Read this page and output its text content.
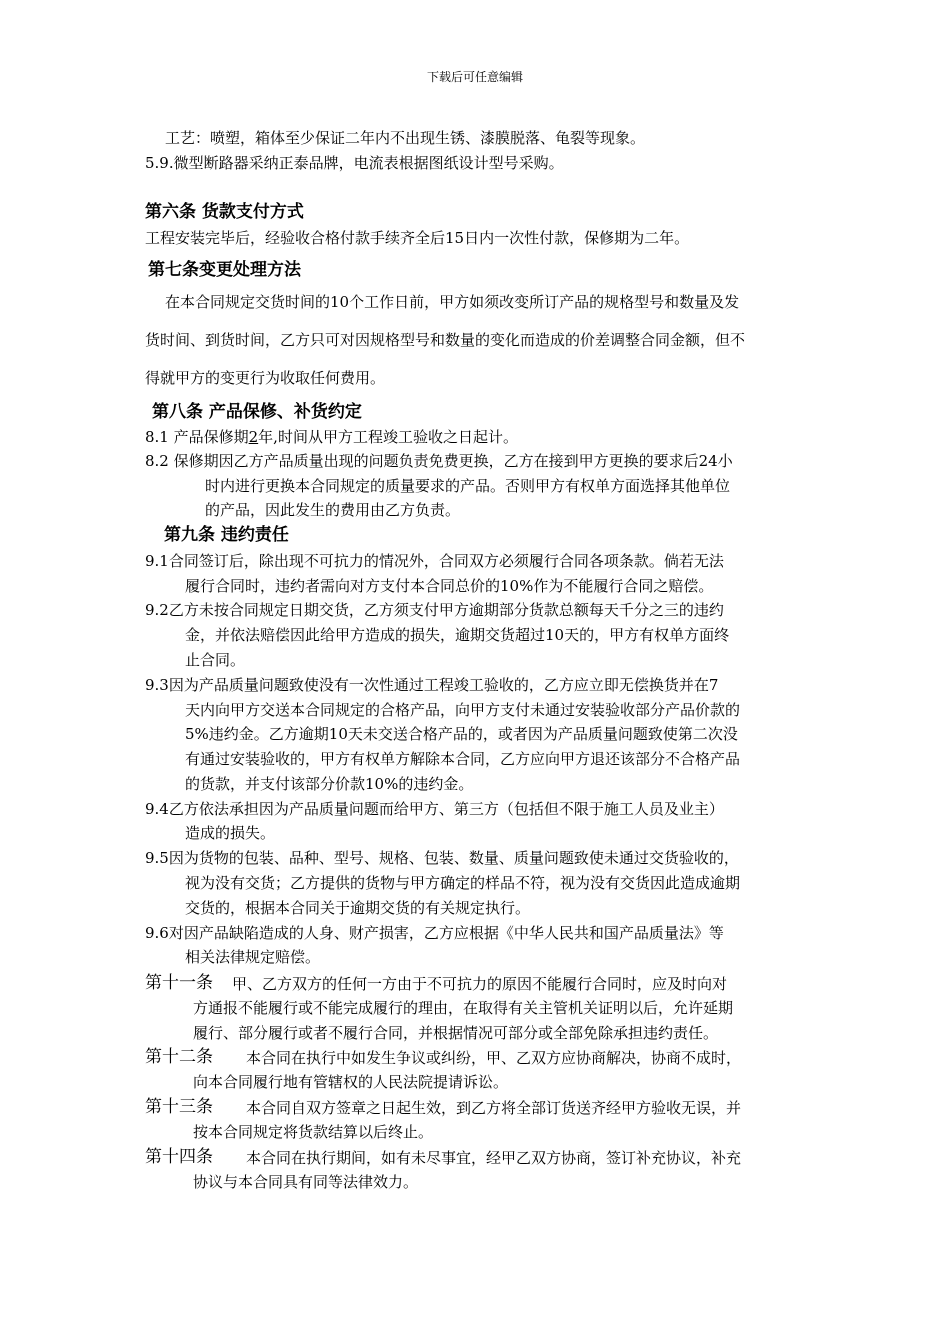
下载后可任意编辑
工艺：喷塑，箱体至少保证二年内不出现生锈、漆膜脱落、龟裂等现象。
5.9.微型断路器采纳正泰品牌，电流表根据图纸设计型号采购。
第六条 货款支付方式
工程安装完毕后，经验收合格付款手续齐全后15日内一次性付款，保修期为二年。
第七条变更处理方法
在本合同规定交货时间的10个工作日前，甲方如须改变所订产品的规格型号和数量及发
货时间、到货时间，乙方只可对因规格型号和数量的变化而造成的价差调整合同金额，但不
得就甲方的变更行为收取任何费用。
第八条 产品保修、补货约定
8.1 产品保修期2年,时间从甲方工程竣工验收之日起计。
8.2 保修期因乙方产品质量出现的问题负责免费更换，乙方在接到甲方更换的要求后24小
时内进行更换本合同规定的质量要求的产品。否则甲方有权单方面选择其他单位
的产品，因此发生的费用由乙方负责。
第九条 违约责任
9.1合同签订后，除出现不可抗力的情况外，合同双方必须履行合同各项条款。倘若无法
履行合同时，违约者需向对方支付本合同总价的10%作为不能履行合同之赔偿。
9.2乙方未按合同规定日期交货，乙方须支付甲方逾期部分货款总额每天千分之三的违约
金，并依法赔偿因此给甲方造成的损失，逾期交货超过10天的，甲方有权单方面终
止合同。
9.3因为产品质量问题致使没有一次性通过工程竣工验收的，乙方应立即无偿换货并在7
天内向甲方交送本合同规定的合格产品，向甲方支付未通过安装验收部分产品价款的
5%违约金。乙方逾期10天未交送合格产品的，或者因为产品质量问题致使第二次没
有通过安装验收的，甲方有权单方解除本合同，乙方应向甲方退还该部分不合格产品
的货款，并支付该部分价款10%的违约金。
9.4乙方依法承担因为产品质量问题而给甲方、第三方（包括但不限于施工人员及业主）
造成的损失。
9.5因为货物的包装、品种、型号、规格、包装、数量、质量问题致使未通过交货验收的，
视为没有交货；乙方提供的货物与甲方确定的样品不符，视为没有交货因此造成逾期
交货的，根据本合同关于逾期交货的有关规定执行。
9.6对因产品缺陷造成的人身、财产损害，乙方应根据《中华人民共和国产品质量法》等
相关法律规定赔偿。
第十一条 甲、乙方双方的任何一方由于不可抗力的原因不能履行合同时，应及时向对
方通报不能履行或不能完成履行的理由，在取得有关主管机关证明以后，允许延期
履行、部分履行或者不履行合同，并根据情况可部分或全部免除承担违约责任。
第十二条 本合同在执行中如发生争议或纠纷，甲、乙双方应协商解决，协商不成时，
向本合同履行地有管辖权的人民法院提请诉讼。
第十三条 本合同自双方签章之日起生效，到乙方将全部订货送齐经甲方验收无误，并
按本合同规定将货款结算以后终止。
第十四条 本合同在执行期间，如有未尽事宜，经甲乙双方协商，签订补充协议，补充
协议与本合同具有同等法律效力。
